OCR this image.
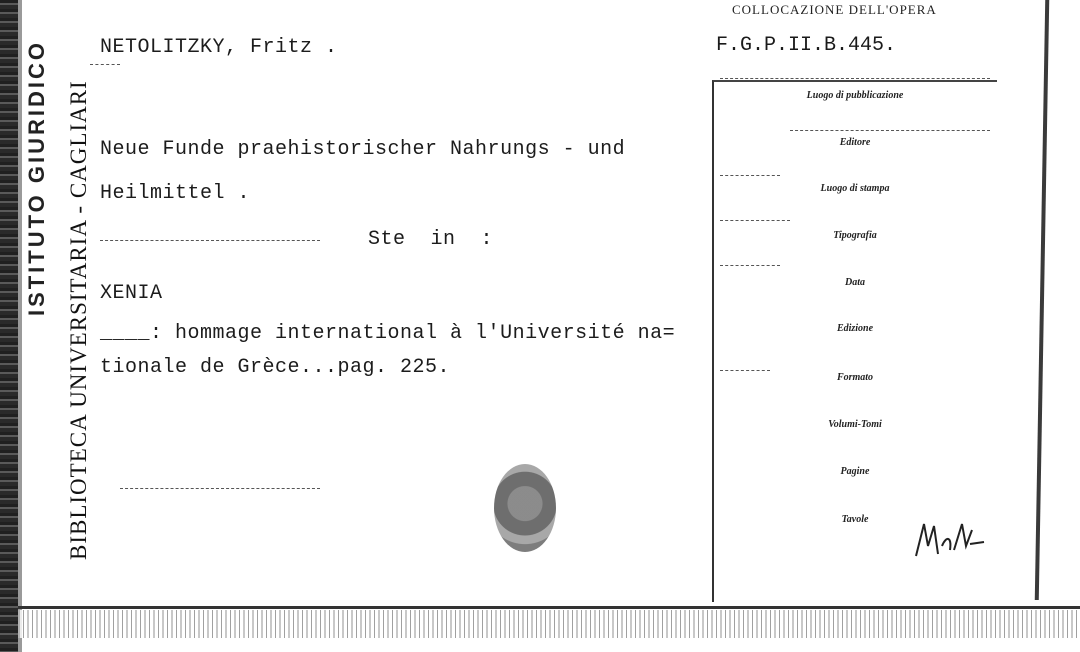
ISTITUTO GIURIDICO BIBLIOTECA UNIVERSITARIA - CAGLIARI
COLLOCAZIONE DELL'OPERA
F.G.P.II.B.445.
NETOLITZKY, Fritz .
Neue Funde praehistorischer Nahrungs - und
Heilmittel .
Ste  in  :
XENIA
____: hommage international à l'Université na=
tionale de Grèce...pag. 225.
Luogo di pubblicazione
Editore
Luogo di stampa
Tipografia
Data
Edizione
Formato
Volumi-Tomi
Pagine
Tavole
